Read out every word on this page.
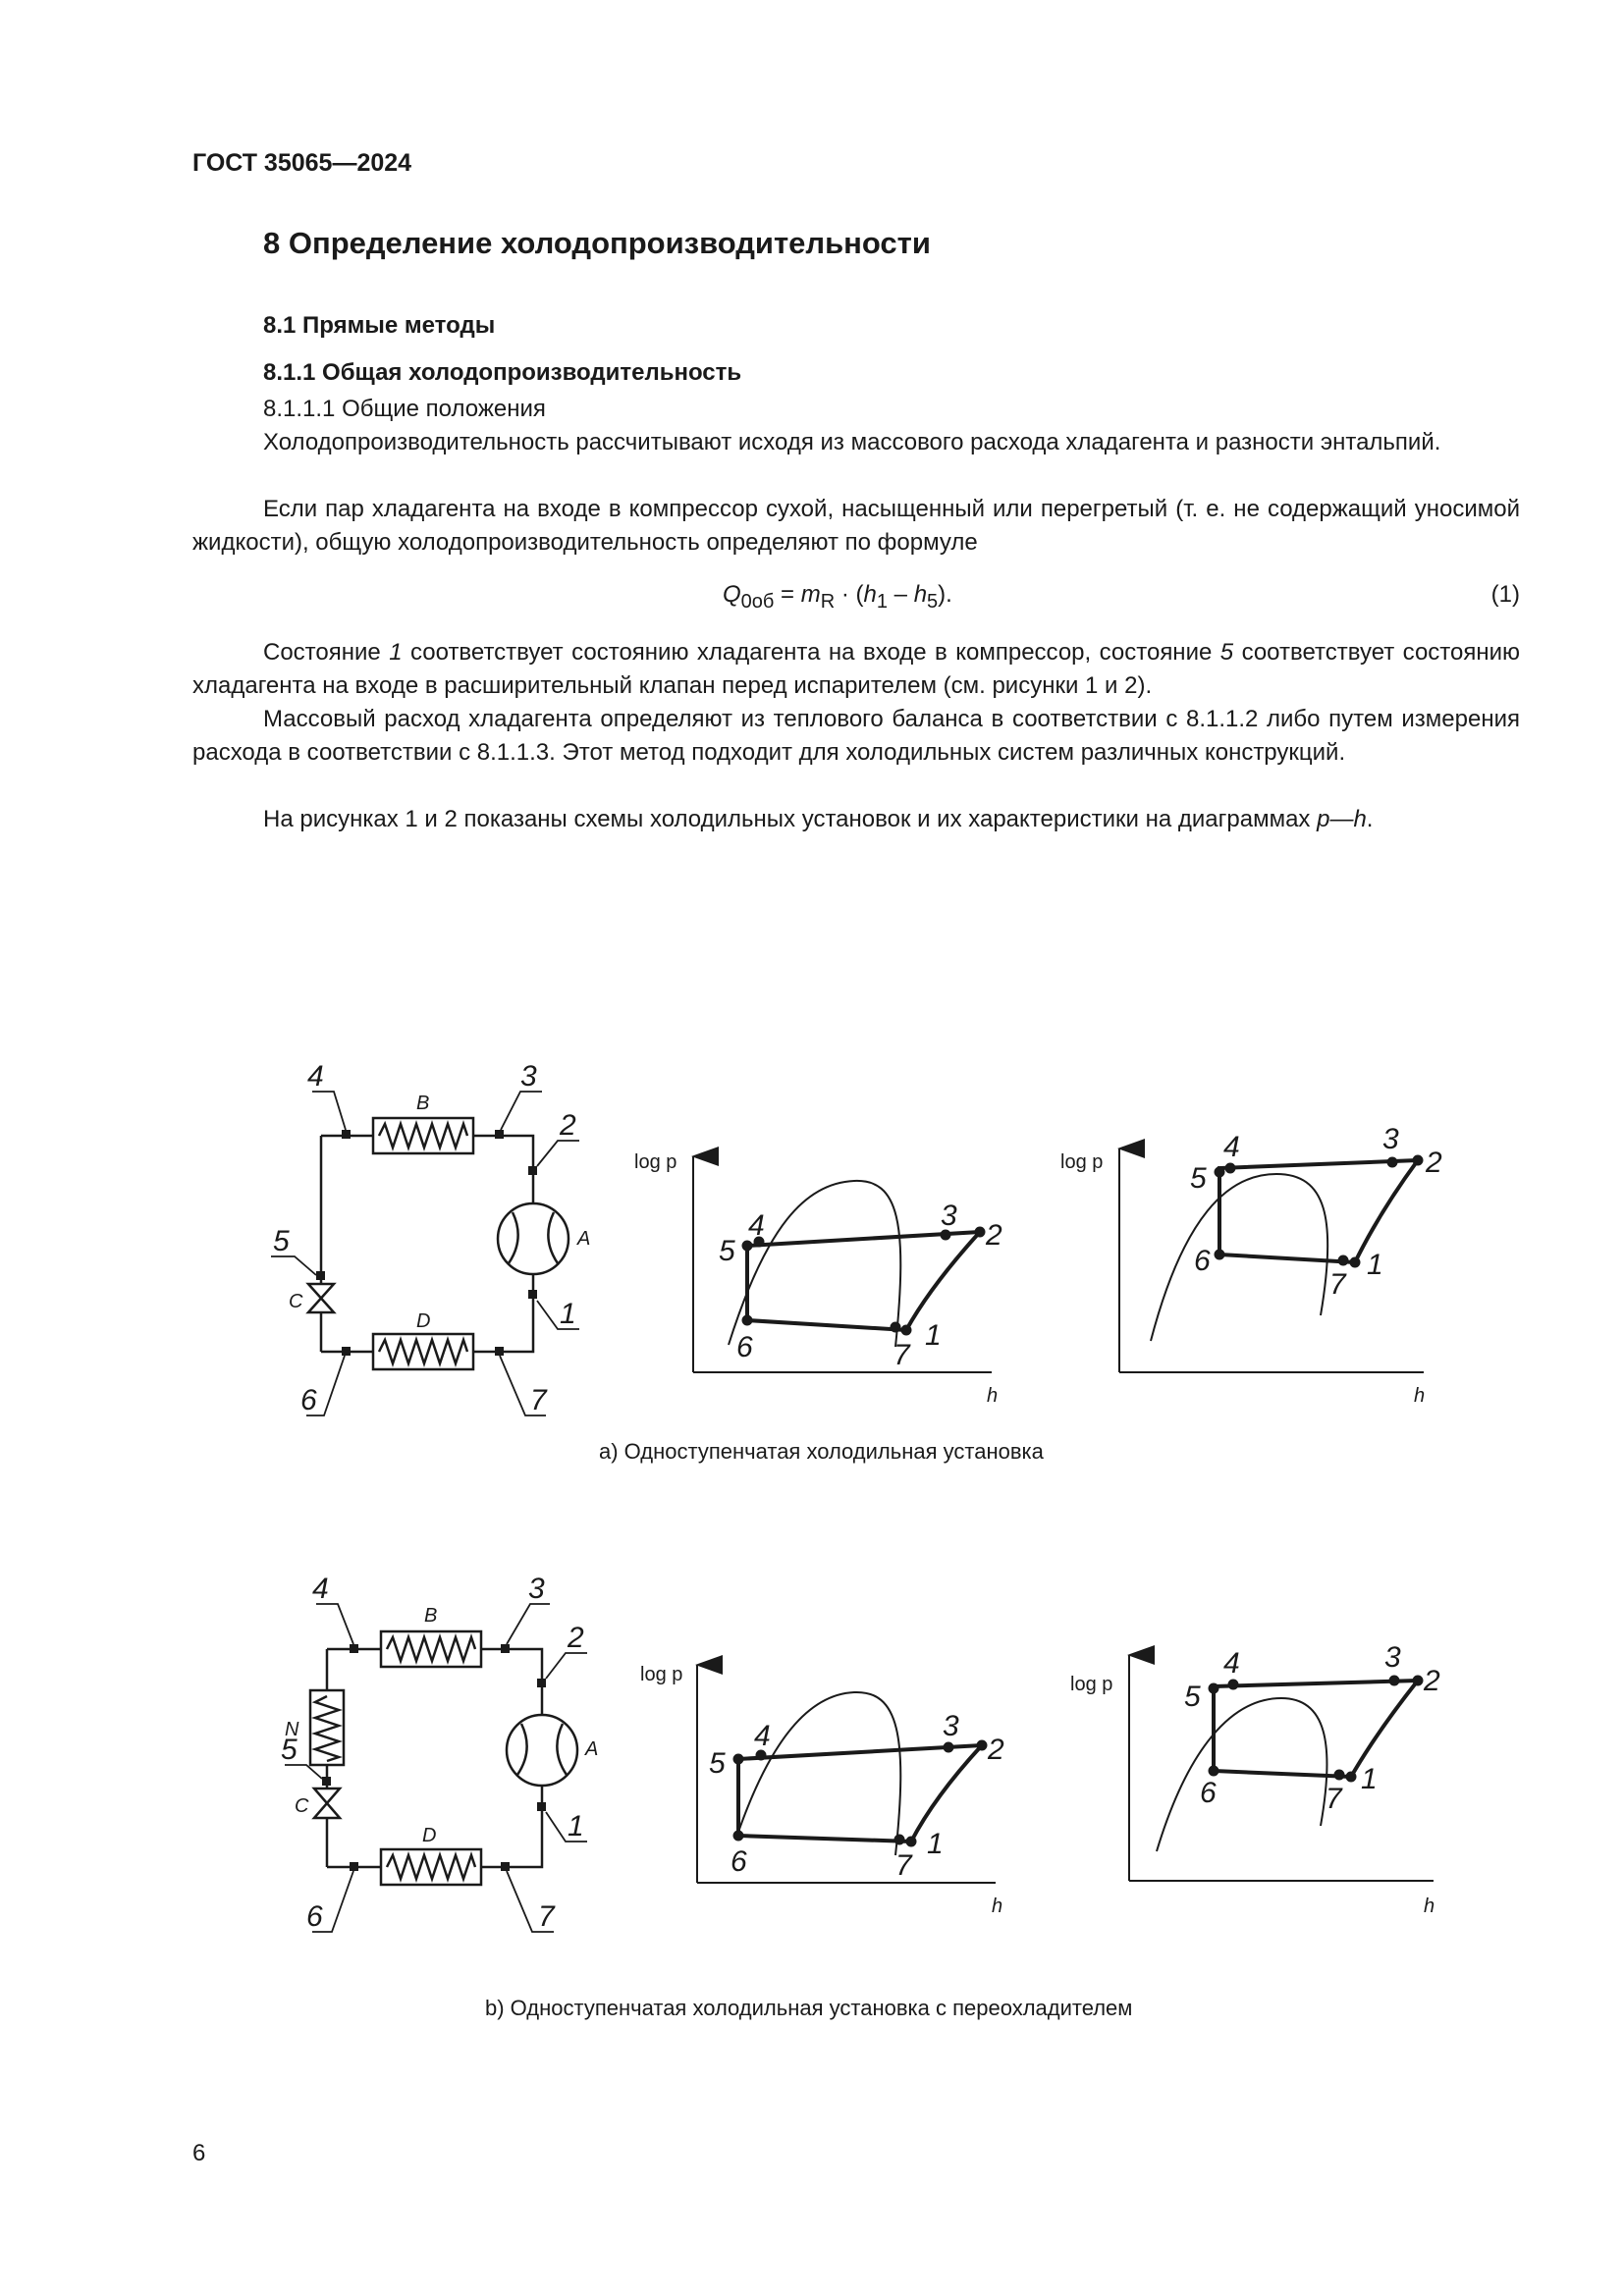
ГОСТ 35065—2024
8 Определение холодопроизводительности
8.1 Прямые методы
8.1.1 Общая холодопроизводительность
8.1.1.1 Общие положения
Холодопроизводительность рассчитывают исходя из массового расхода хладагента и разности энтальпий.
Если пар хладагента на входе в компрессор сухой, насыщенный или перегретый (т. е. не содержащий уносимой жидкости), общую холодопроизводительность определяют по формуле
$Q_{0об} = m_R \cdot (h_1 - h_5)$.	(1)
Состояние 1 соответствует состоянию хладагента на входе в компрессор, состояние 5 соответствует состоянию хладагента на входе в расширительный клапан перед испарителем (см. рисунки 1 и 2).
Массовый расход хладагента определяют из теплового баланса в соответствии с 8.1.1.2 либо путем измерения расхода в соответствии с 8.1.1.3. Этот метод подходит для холодильных систем различных конструкций.
На рисунках 1 и 2 показаны схемы холодильных установок и их характеристики на диаграммах p—h.
4	3
2
1
5
6	7
B
A
C
D
log p
h
5
4	3
2
6	7
1
log p
h
5
4	3
2
6
7
1
4	3
2
1
5
6	7
B
A
C
D
N
log p
h
5
4	3
2
6	7
1
log p
h
5
4	3
2
6	7
1
a) Одноступенчатая холодильная установка
b) Одноступенчатая холодильная установка с переохладителем
6
